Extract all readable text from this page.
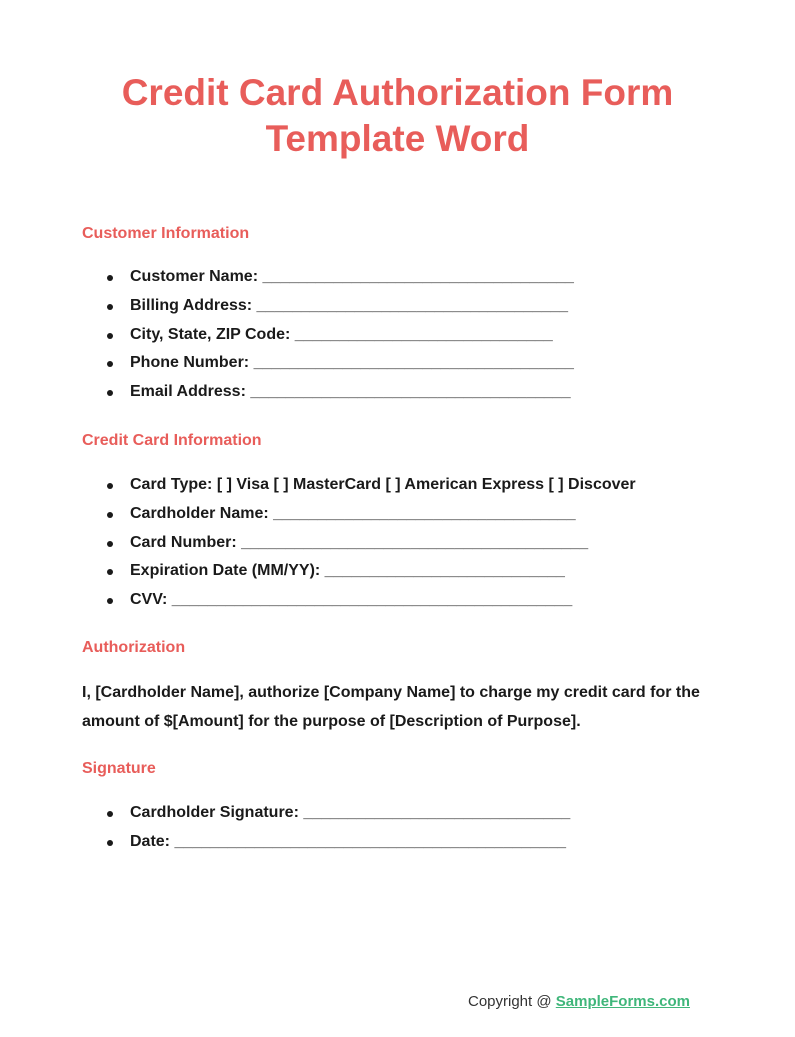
Credit Card Authorization Form
Template Word
Customer Information
Customer Name: ___________________________________
Billing Address: ___________________________________
City, State, ZIP Code: _____________________________
Phone Number: ____________________________________
Email Address: ____________________________________
Credit Card Information
Card Type: [ ] Visa [ ] MasterCard [ ] American Express [ ] Discover
Cardholder Name: __________________________________
Card Number: _______________________________________
Expiration Date (MM/YY): ___________________________
CVV: _____________________________________________
Authorization

I, [Cardholder Name], authorize [Company Name] to charge my credit card for the amount of $[Amount] for the purpose of [Description of Purpose].

Signature
Cardholder Signature: ______________________________
Date: ____________________________________________
Copyright @ SampleForms.com
